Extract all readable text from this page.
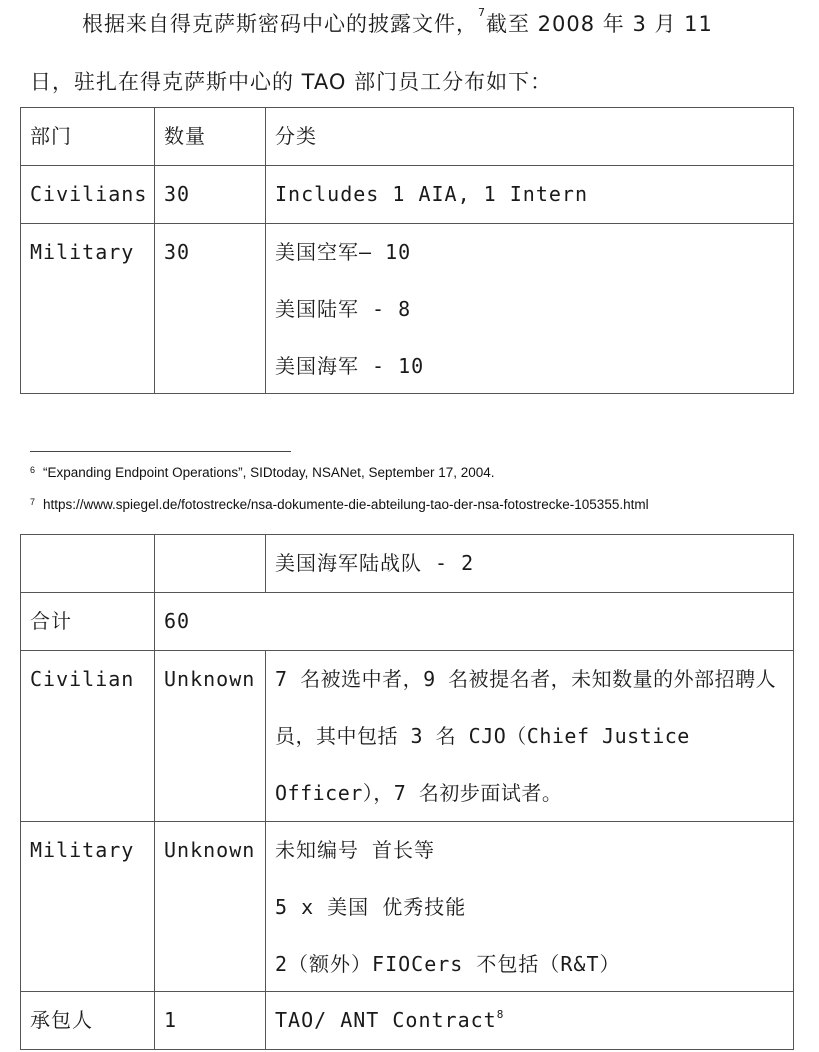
根据来自得克萨斯密码中心的披露文件，$^7$截至 2008 年 3 月 11
日，驻扎在得克萨斯中心的 TAO 部门员工分布如下：
部门	数量	分类

Civilians	30	Includes 1 AIA, 1 Intern

Military	30	美国空军— 10
美国陆军 - 8
美国海军 - 10
$^6$ “Expanding Endpoint Operations”, SIDtoday, NSANet, September 17, 2004.
$^7$ https://www.spiegel.de/fotostrecke/nsa-dokumente-die-abteilung-tao-der-nsa-fotostrecke-105355.html

		美国海军陆战队 - 2

合计	60	

Civilian	Unknown	7 名被选中者，9 名被提名者，未知数量的外部招聘人员，其中包括 3 名 CJO（Chief Justice Officer），7 名初步面试者。

Military	Unknown	未知编号 首长等
5 x 美国 优秀技能
2（额外）FIOCers 不包括（R&T）

承包人	1	TAO/ ANT Contract$^8$
